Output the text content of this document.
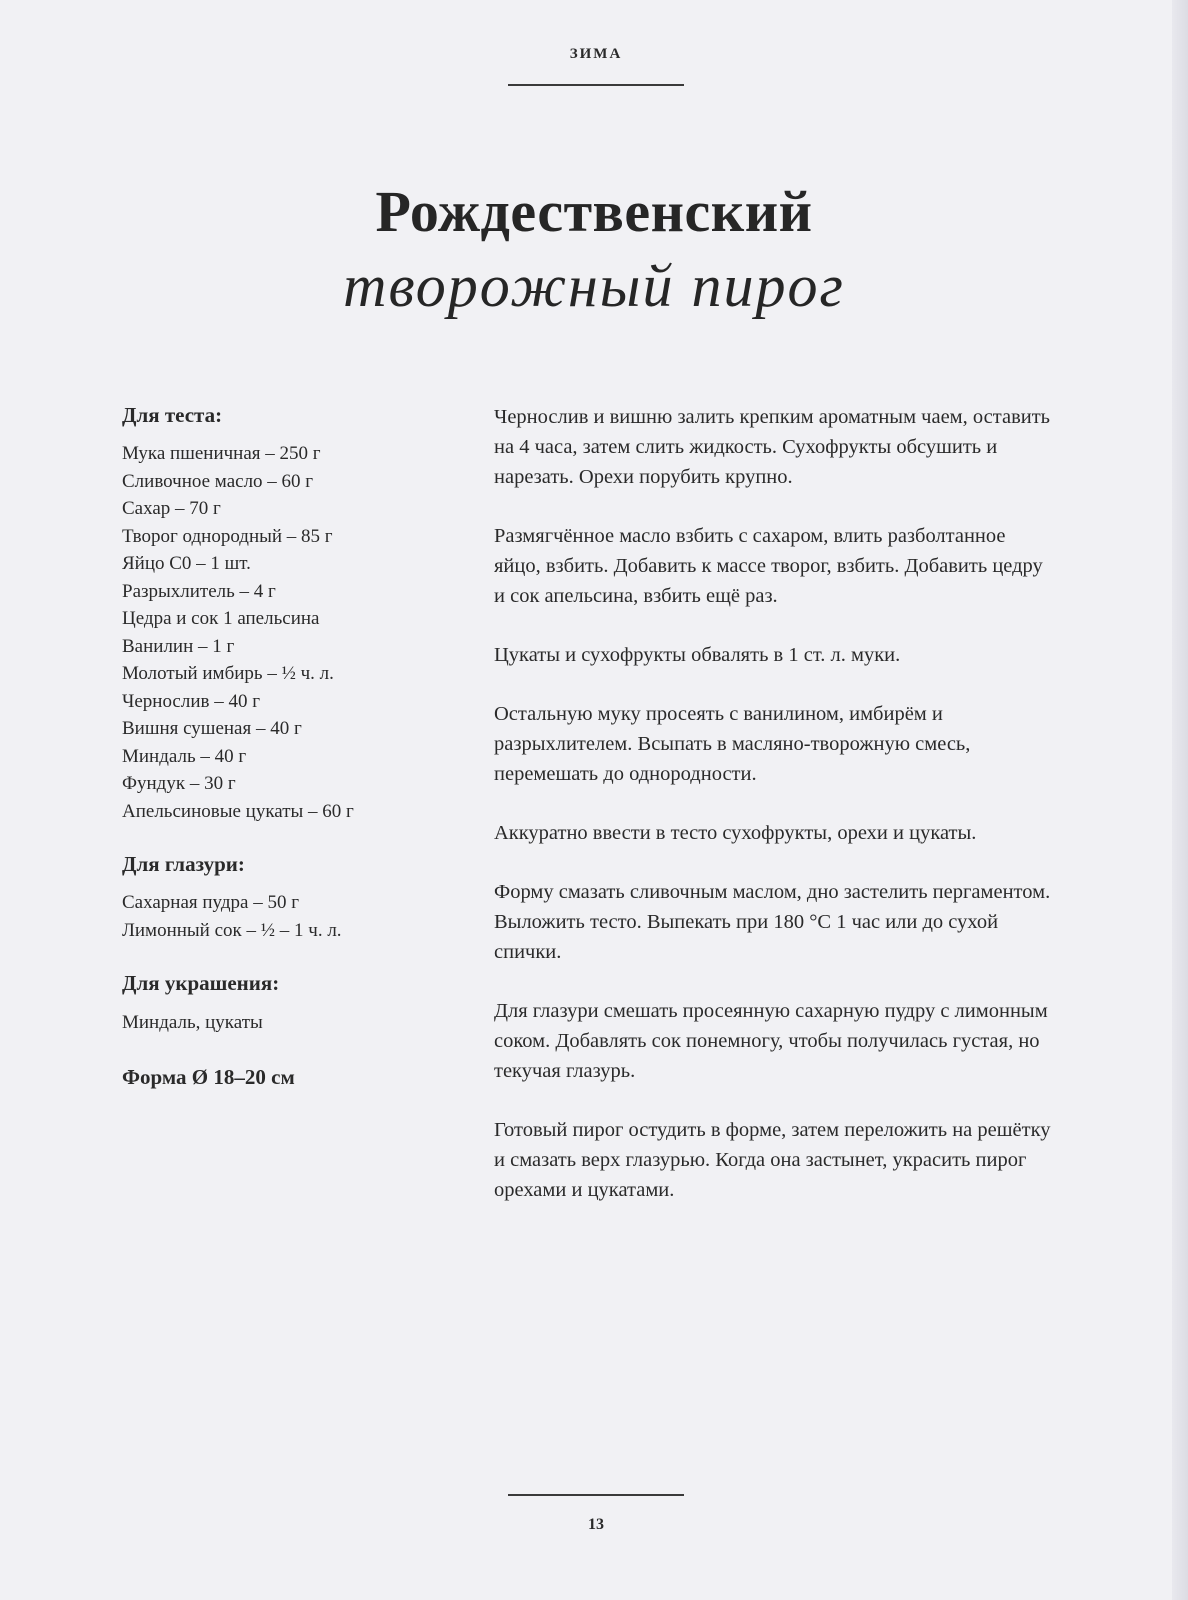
ЗИМА
Рождественский
творожный пирог
Для теста:
Мука пшеничная – 250 г
Сливочное масло – 60 г
Сахар – 70 г
Творог однородный – 85 г
Яйцо С0 – 1 шт.
Разрыхлитель – 4 г
Цедра и сок 1 апельсина
Ванилин – 1 г
Молотый имбирь – ½ ч. л.
Чернослив – 40 г
Вишня сушеная – 40 г
Миндаль – 40 г
Фундук – 30 г
Апельсиновые цукаты – 60 г
Для глазури:
Сахарная пудра – 50 г
Лимонный сок – ½ – 1 ч. л.
Для украшения:
Миндаль, цукаты
Форма Ø 18–20 см

Чернослив и вишню залить крепким ароматным чаем, оставить на 4 часа, затем слить жидкость. Сухофрукты обсушить и нарезать. Орехи порубить крупно.

Размягчённое масло взбить с сахаром, влить разболтанное яйцо, взбить. Добавить к массе творог, взбить. Добавить цедру и сок апельсина, взбить ещё раз.

Цукаты и сухофрукты обвалять в 1 ст. л. муки.

Остальную муку просеять с ванилином, имбирём и разрыхлителем. Всыпать в масляно-творожную смесь, перемешать до однородности.

Аккуратно ввести в тесто сухофрукты, орехи и цукаты.

Форму смазать сливочным маслом, дно застелить пергаментом. Выложить тесто. Выпекать при 180 °C 1 час или до сухой спички.

Для глазури смешать просеянную сахарную пудру с лимонным соком. Добавлять сок понемногу, чтобы получилась густая, но текучая глазурь.

Готовый пирог остудить в форме, затем переложить на решётку и смазать верх глазурью. Когда она застынет, украсить пирог орехами и цукатами.

13
